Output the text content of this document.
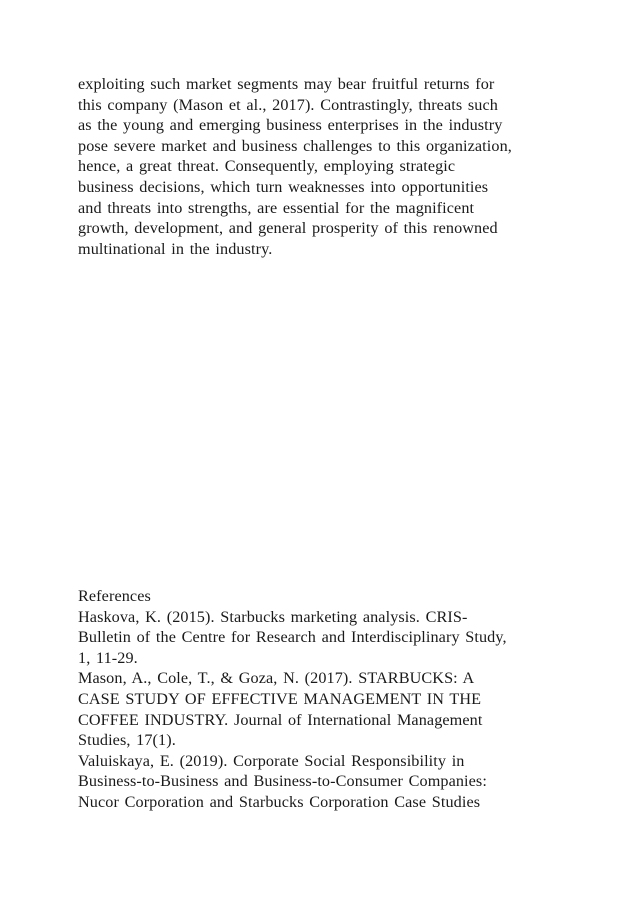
exploiting such market segments may bear fruitful returns for
this company (Mason et al., 2017). Contrastingly, threats such
as the young and emerging business enterprises in the industry
pose severe market and business challenges to this organization,
hence, a great threat. Consequently, employing strategic
business decisions, which turn weaknesses into opportunities
and threats into strengths, are essential for the magnificent
growth, development, and general prosperity of this renowned
multinational in the industry.
References
Haskova, K. (2015). Starbucks marketing analysis. CRIS-
Bulletin of the Centre for Research and Interdisciplinary Study,
1, 11-29.
Mason, A., Cole, T., & Goza, N. (2017). STARBUCKS: A
CASE STUDY OF EFFECTIVE MANAGEMENT IN THE
COFFEE INDUSTRY. Journal of International Management
Studies, 17(1).
Valuiskaya, E. (2019). Corporate Social Responsibility in
Business-to-Business and Business-to-Consumer Companies:
Nucor Corporation and Starbucks Corporation Case Studies
